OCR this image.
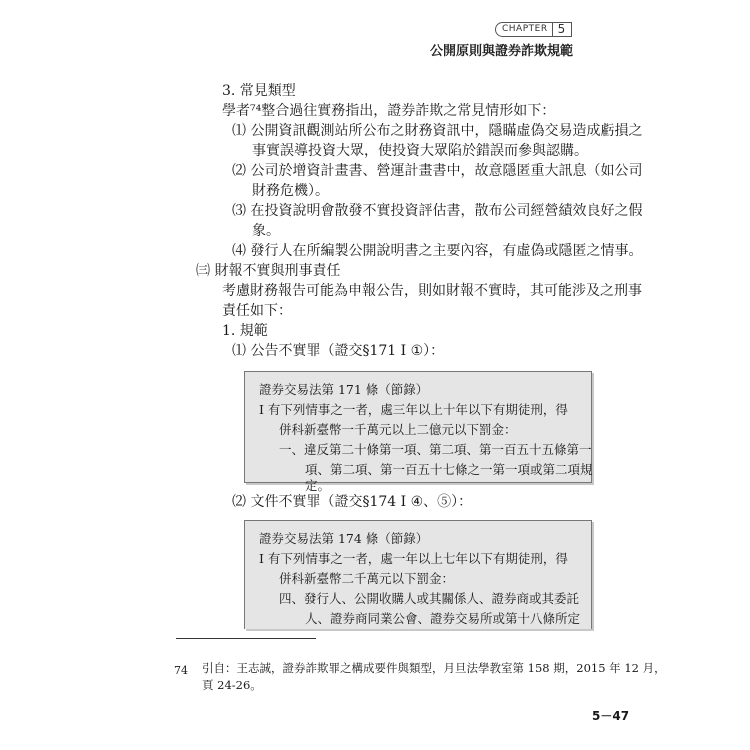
CHAPTER 5
公開原則與證券詐欺規範
3. 常見類型
學者⁷⁴整合過往實務指出，證券詐欺之常見情形如下：
⑴ 公開資訊觀測站所公布之財務資訊中，隱瞞虛偽交易造成虧損之
事實誤導投資大眾，使投資大眾陷於錯誤而參與認購。
⑵ 公司於增資計畫書、營運計畫書中，故意隱匿重大訊息（如公司
財務危機）。
⑶ 在投資說明會散發不實投資評估書，散布公司經營績效良好之假
象。
⑷ 發行人在所編製公開說明書之主要內容，有虛偽或隱匿之情事。
㈢ 財報不實與刑事責任
考慮財務報告可能為申報公告，則如財報不實時，其可能涉及之刑事
責任如下：
1. 規範
⑴ 公告不實罪（證交§171 I ①）：
證券交易法第 171 條（節錄）
Ⅰ 有下列情事之一者，處三年以上十年以下有期徒刑，得
併科新臺幣一千萬元以上二億元以下罰金：
一、違反第二十條第一項、第二項、第一百五十五條第一
項、第二項、第一百五十七條之一第一項或第二項規
定。
⑵ 文件不實罪（證交§174 I ④、⑤）：
證券交易法第 174 條（節錄）
Ⅰ 有下列情事之一者，處一年以上七年以下有期徒刑，得
併科新臺幣二千萬元以下罰金：
四、發行人、公開收購人或其關係人、證券商或其委託
人、證券商同業公會、證券交易所或第十八條所定
74 引自：王志誠，證券詐欺罪之構成要件與類型，月旦法學教室第 158 期，2015 年 12 月，
頁 24-26。
5－47
